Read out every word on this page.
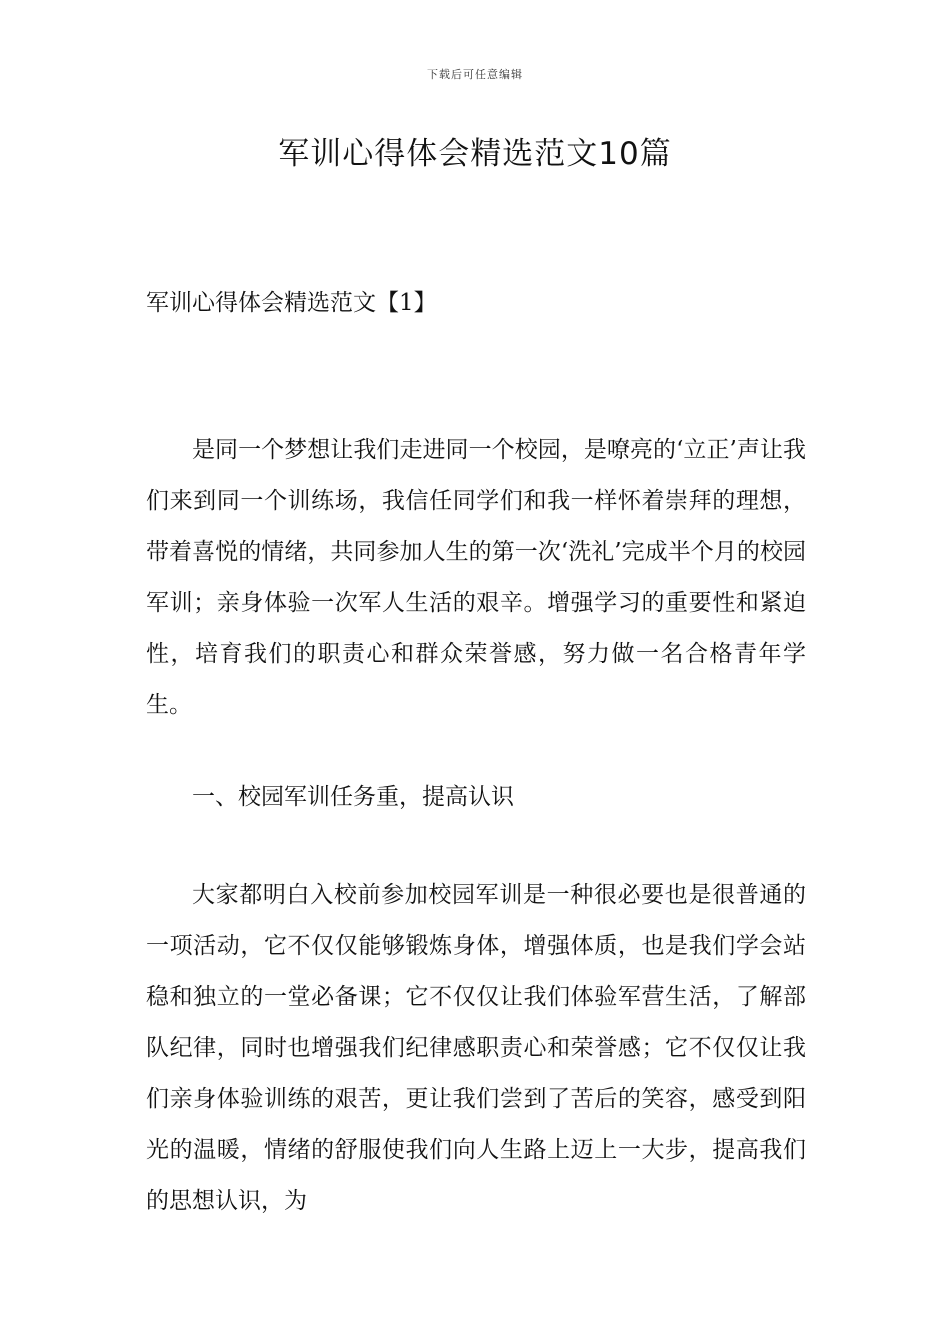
下载后可任意编辑
军训心得体会精选范文10篇

军训心得体会精选范文【1】

是同一个梦想让我们走进同一个校园，是嘹亮的‘立正’声让我们来到同一个训练场，我信任同学们和我一样怀着崇拜的理想，带着喜悦的情绪，共同参加人生的第一次‘洗礼’完成半个月的校园军训；亲身体验一次军人生活的艰辛。增强学习的重要性和紧迫性，培育我们的职责心和群众荣誉感，努力做一名合格青年学生。

一、校园军训任务重，提高认识

大家都明白入校前参加校园军训是一种很必要也是很普通的一项活动，它不仅仅能够锻炼身体，增强体质，也是我们学会站稳和独立的一堂必备课；它不仅仅让我们体验军营生活，了解部队纪律，同时也增强我们纪律感职责心和荣誉感；它不仅仅让我们亲身体验训练的艰苦，更让我们尝到了苦后的笑容，感受到阳光的温暖，情绪的舒服使我们向人生路上迈上一大步，提高我们的思想认识，为
